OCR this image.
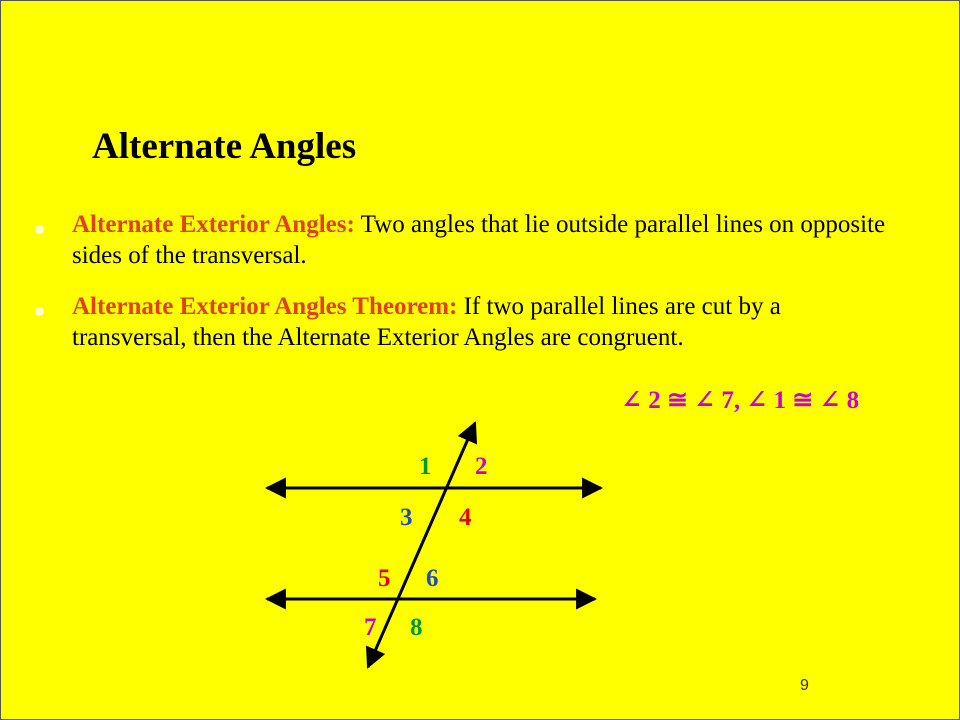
Alternate Angles
Alternate Exterior Angles: Two angles that lie outside parallel lines on opposite sides of the transversal.
Alternate Exterior Angles Theorem: If two parallel lines are cut by a transversal, then the Alternate Exterior Angles are congruent.
∠ 2 ≅ ∠ 7, ∠ 1 ≅ ∠ 8
1 2
3 4
5 6
7 8
9
